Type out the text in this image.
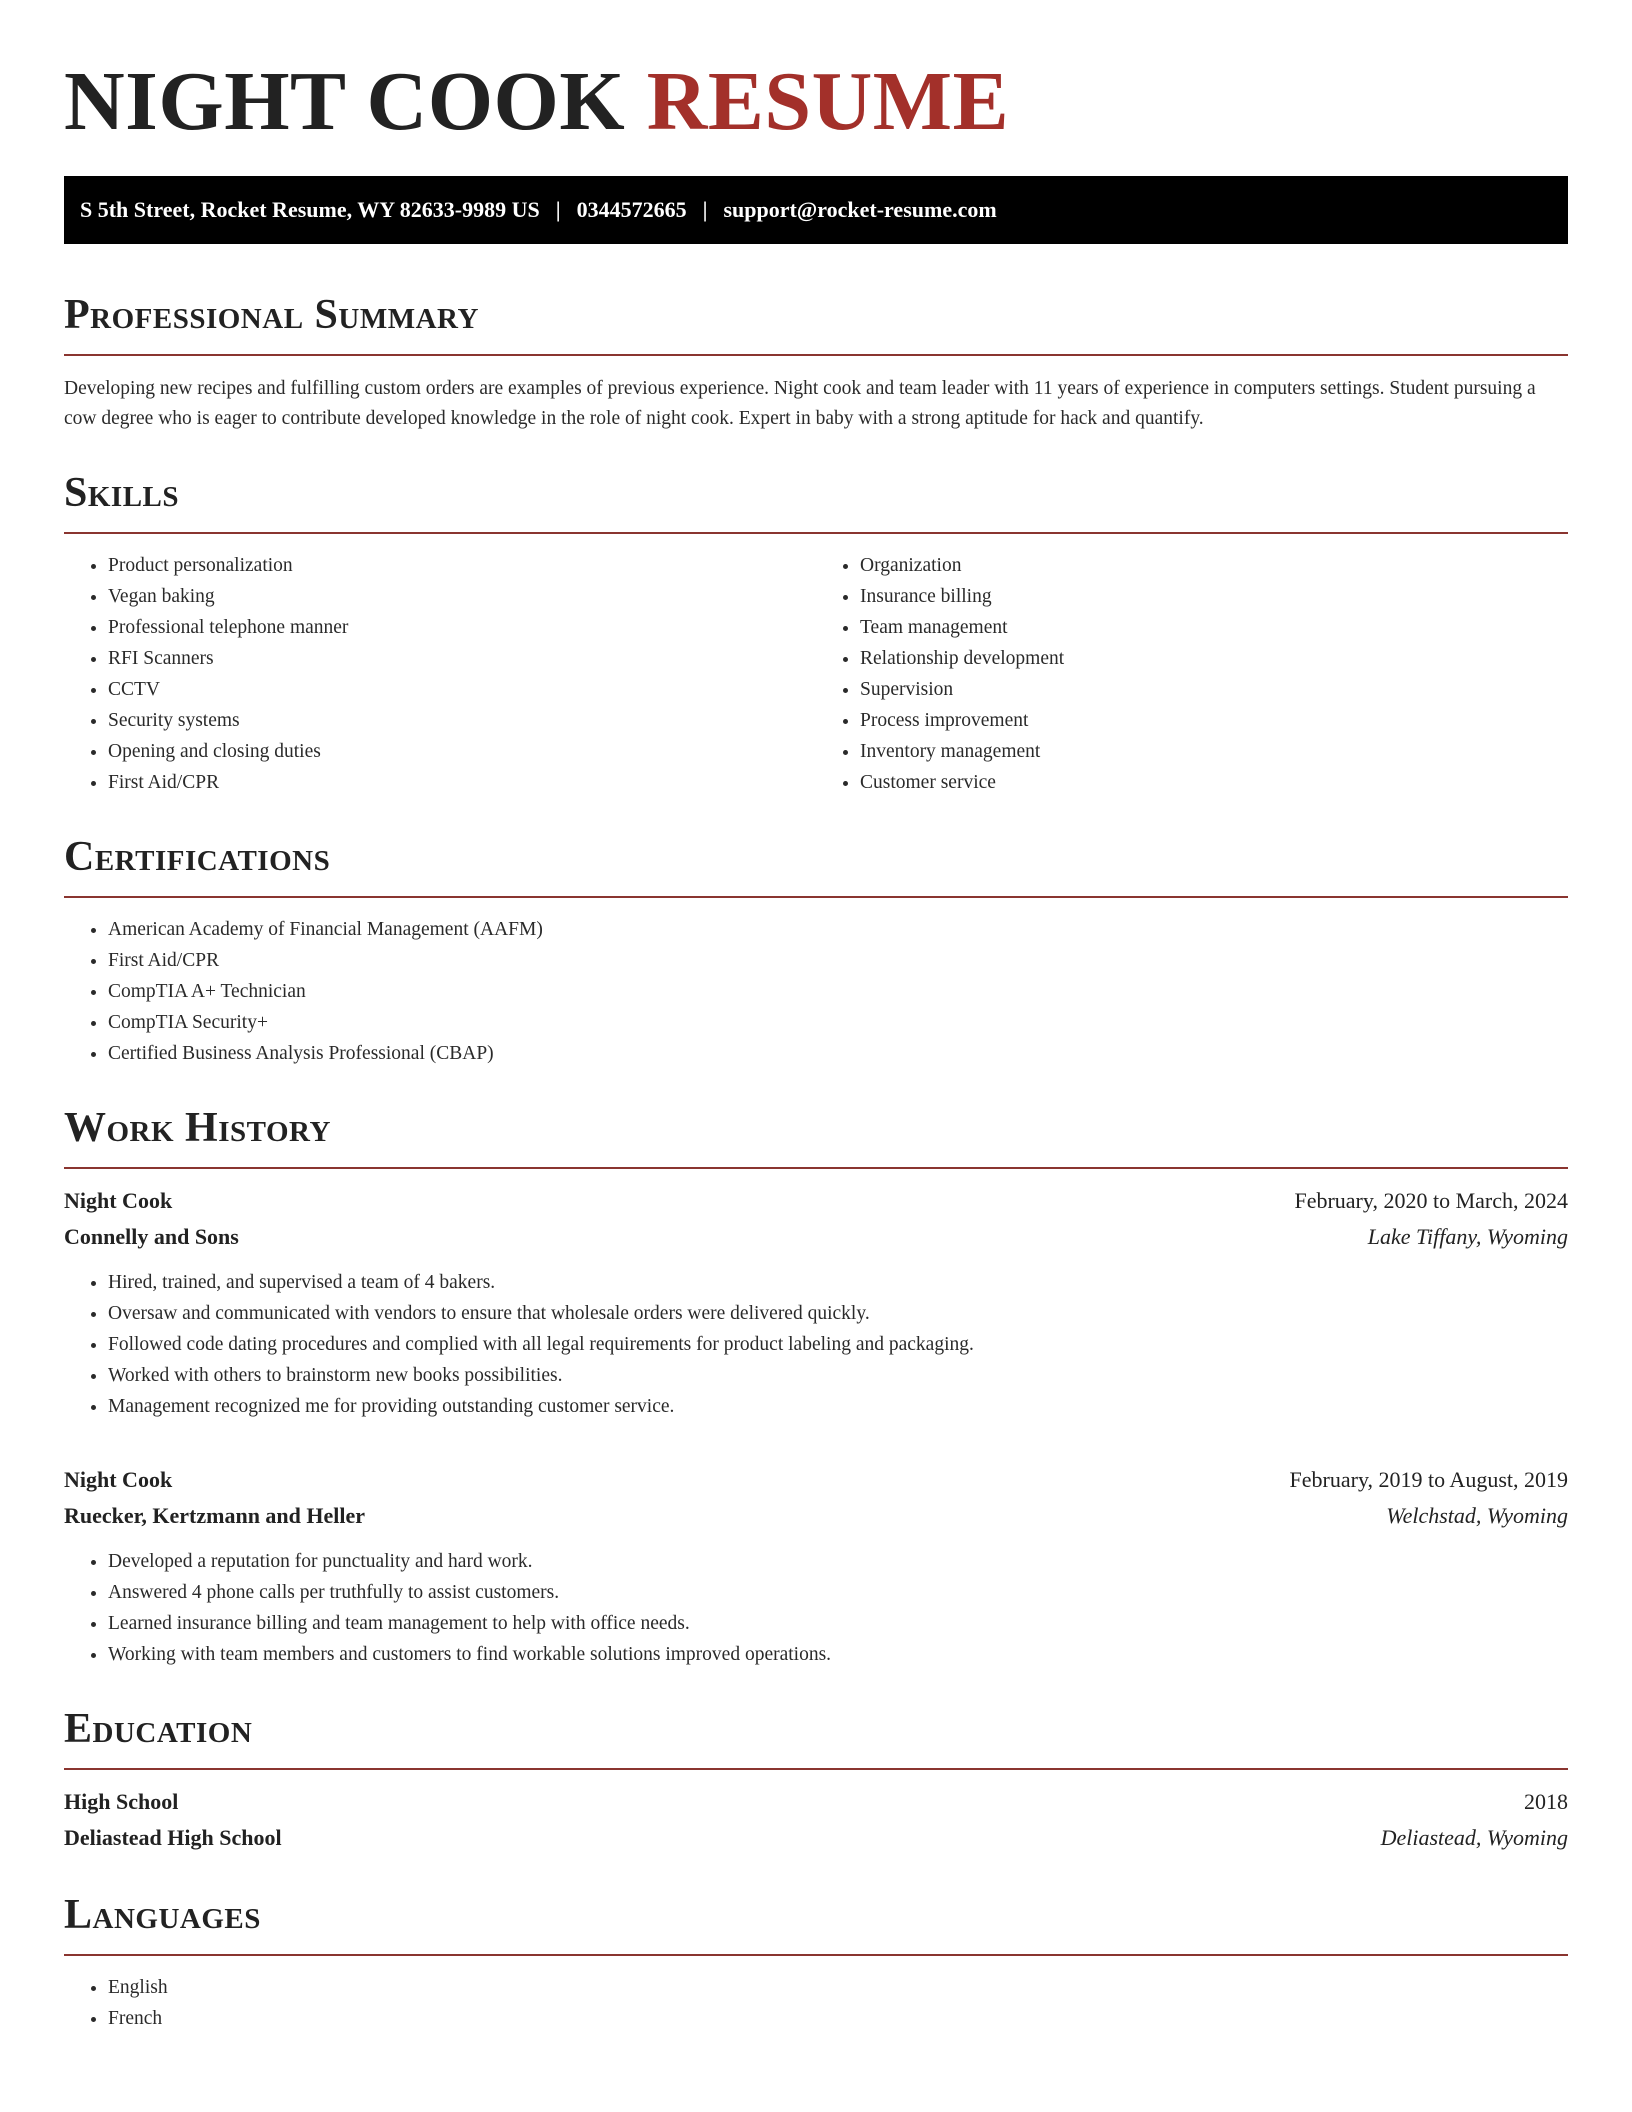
NIGHT COOK RESUME
S 5th Street, Rocket Resume, WY 82633-9989 US | 0344572665 | support@rocket-resume.com
Professional Summary

Developing new recipes and fulfilling custom orders are examples of previous experience. Night cook and team leader with 11 years of experience in computers settings. Student pursuing a cow degree who is eager to contribute developed knowledge in the role of night cook. Expert in baby with a strong aptitude for hack and quantify.

Skills
• Product personalization
• Vegan baking
• Professional telephone manner
• RFI Scanners
• CCTV
• Security systems
• Opening and closing duties
• First Aid/CPR
• Organization
• Insurance billing
• Team management
• Relationship development
• Supervision
• Process improvement
• Inventory management
• Customer service
Certifications
• American Academy of Financial Management (AAFM)
• First Aid/CPR
• CompTIA A+ Technician
• CompTIA Security+
• Certified Business Analysis Professional (CBAP)
Work History
Night Cook	February, 2020 to March, 2024
Connelly and Sons	Lake Tiffany, Wyoming
• Hired, trained, and supervised a team of 4 bakers.
• Oversaw and communicated with vendors to ensure that wholesale orders were delivered quickly.
• Followed code dating procedures and complied with all legal requirements for product labeling and packaging.
• Worked with others to brainstorm new books possibilities.
• Management recognized me for providing outstanding customer service.
Night Cook	February, 2019 to August, 2019
Ruecker, Kertzmann and Heller	Welchstad, Wyoming
• Developed a reputation for punctuality and hard work.
• Answered 4 phone calls per truthfully to assist customers.
• Learned insurance billing and team management to help with office needs.
• Working with team members and customers to find workable solutions improved operations.
Education
High School	2018
Deliastead High School	Deliastead, Wyoming
Languages
• English
• French
